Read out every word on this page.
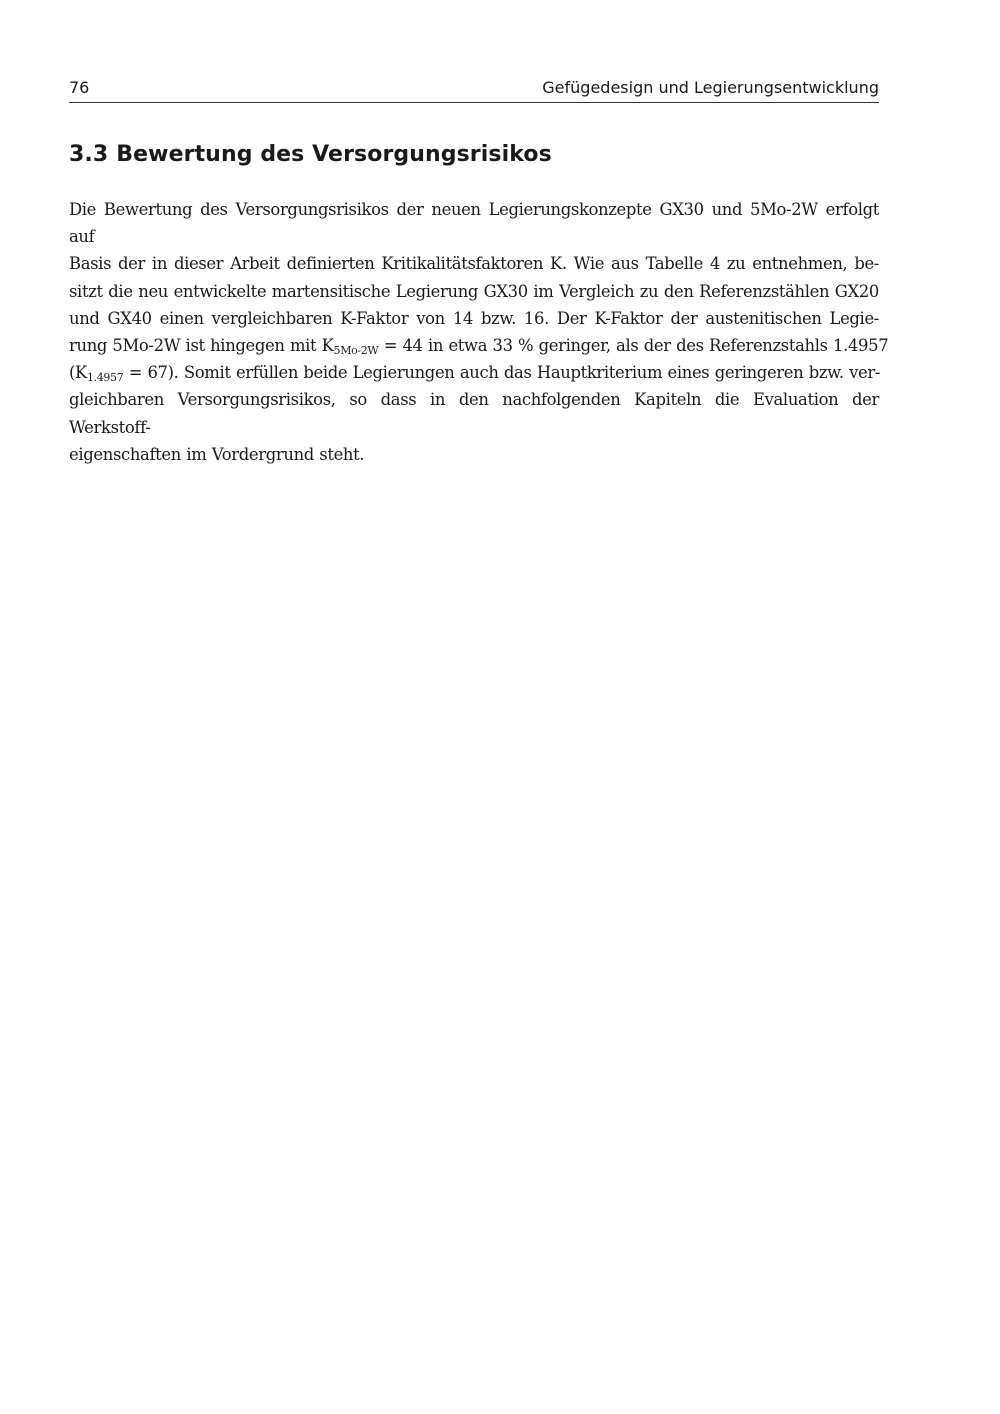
76	Gefügedesign und Legierungsentwicklung
3.3 Bewertung des Versorgungsrisikos
Die Bewertung des Versorgungsrisikos der neuen Legierungskonzepte GX30 und 5Mo-2W erfolgt auf
Basis der in dieser Arbeit definierten Kritikalitätsfaktoren K. Wie aus Tabelle 4 zu entnehmen, be-
sitzt die neu entwickelte martensitische Legierung GX30 im Vergleich zu den Referenzstählen GX20
und GX40 einen vergleichbaren K-Faktor von 14 bzw. 16. Der K-Faktor der austenitischen Legie-
rung 5Mo-2W ist hingegen mit $K_{5Mo-2W} = 44$ in etwa 33 % geringer, als der des Referenzstahls 1.4957
$(K_{1.4957} = 67)$. Somit erfüllen beide Legierungen auch das Hauptkriterium eines geringeren bzw. ver-
gleichbaren Versorgungsrisikos, so dass in den nachfolgenden Kapiteln die Evaluation der Werkstoff-
eigenschaften im Vordergrund steht.
